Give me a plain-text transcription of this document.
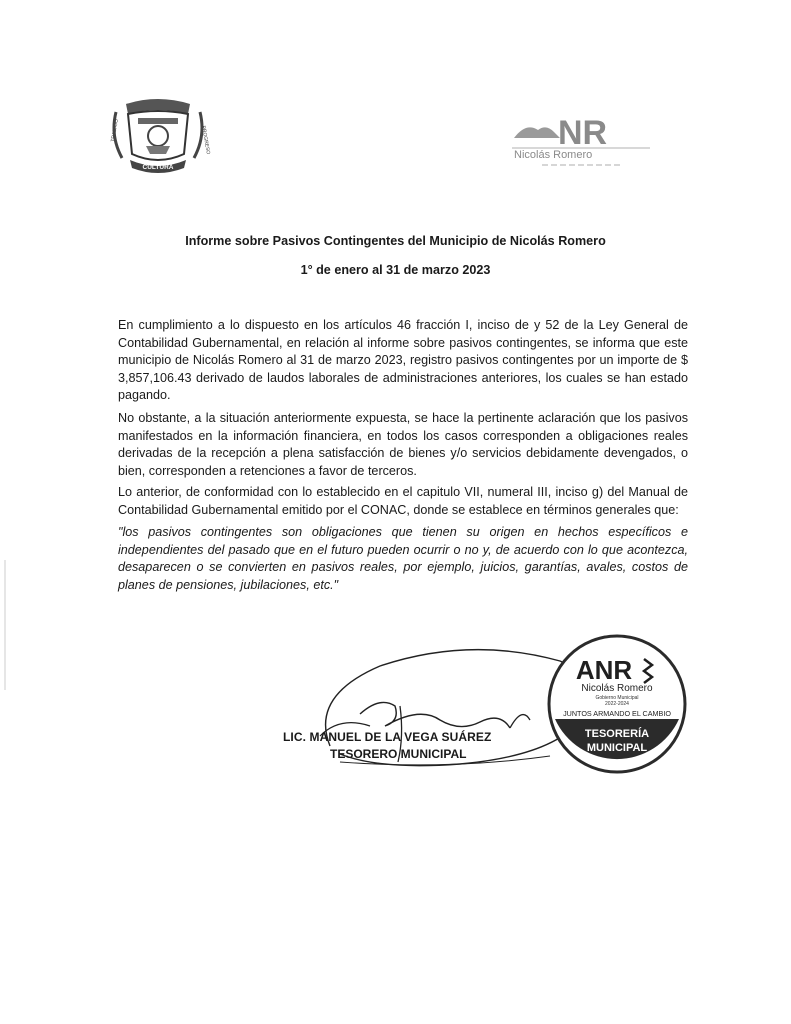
CULTURA
TRABAJO	PROGRESO	NR
Nicolás Romero
Informe sobre Pasivos Contingentes del Municipio de Nicolás Romero
1° de enero al 31 de marzo 2023

En cumplimiento a lo dispuesto en los artículos 46 fracción I, inciso de y 52 de la Ley General de Contabilidad Gubernamental, en relación al informe sobre pasivos contingentes, se informa que este municipio de Nicolás Romero al 31 de marzo 2023, registro pasivos contingentes por un importe de $ 3,857,106.43 derivado de laudos laborales de administraciones anteriores, los cuales se han estado pagando.

No obstante, a la situación anteriormente expuesta, se hace la pertinente aclaración que los pasivos manifestados en la información financiera, en todos los casos corresponden a obligaciones reales derivadas de la recepción a plena satisfacción de bienes y/o servicios debidamente devengados, o bien, corresponden a retenciones a favor de terceros.

Lo anterior, de conformidad con lo establecido en el capitulo VII, numeral III, inciso g) del Manual de Contabilidad Gubernamental emitido por el CONAC, donde se establece en términos generales que:

"los pasivos contingentes son obligaciones que tienen su origen en hechos específicos e independientes del pasado que en el futuro pueden ocurrir o no y, de acuerdo con lo que acontezca, desaparecen o se convierten en pasivos reales, por ejemplo, juicios, garantías, avales, costos de planes de pensiones, jubilaciones, etc."

LIC. MANUEL DE LA VEGA SUÁREZ
TESORERO MUNICIPAL
ANR
Nicolás Romero
Gobierno Municipal
2022-2024
JUNTOS ARMANDO EL CAMBIO
TESORERÍA
MUNICIPAL
